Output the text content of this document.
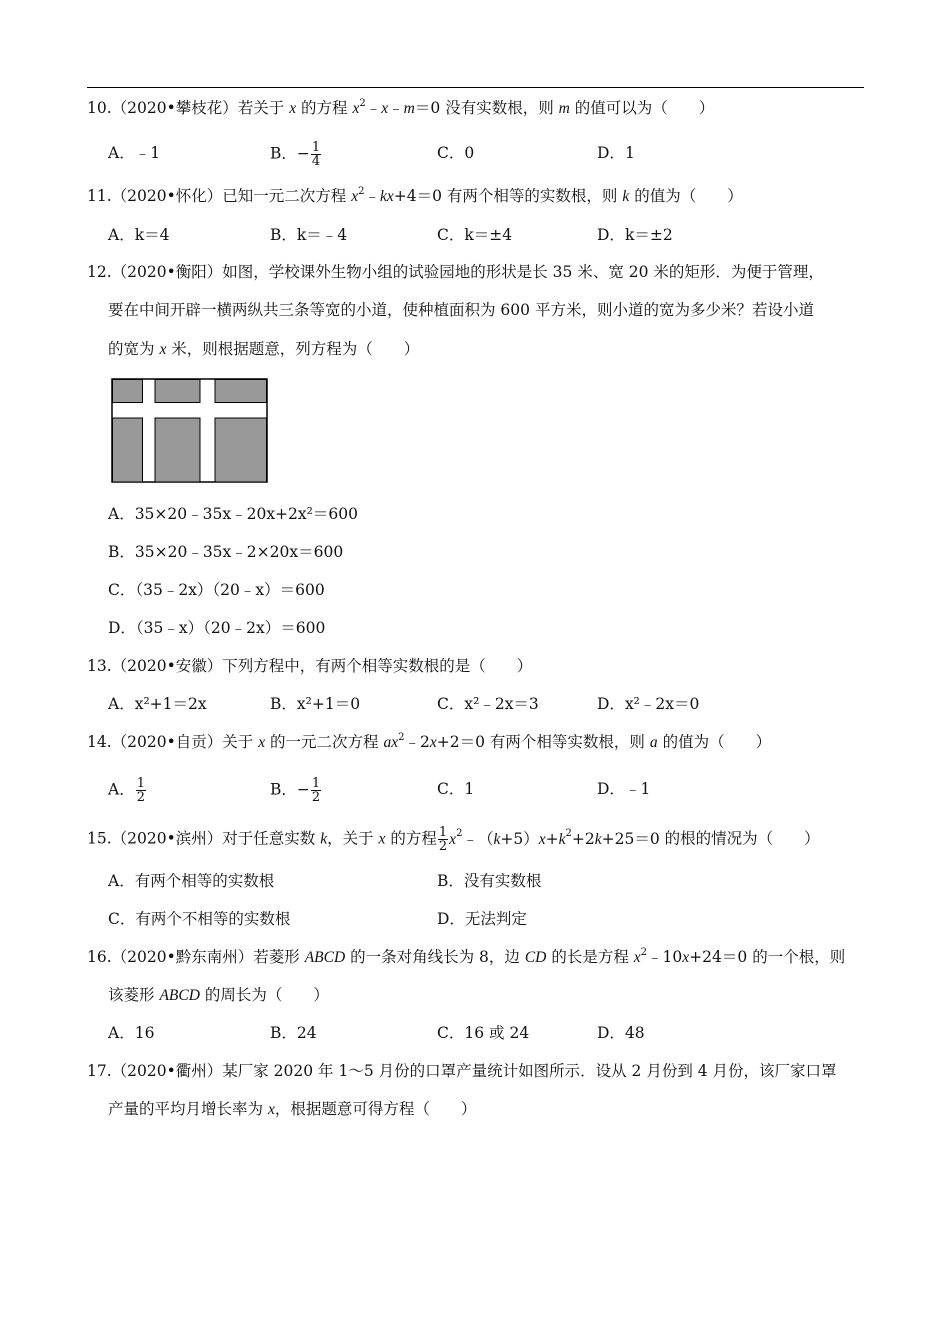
10.（2020•攀枝花）若关于 x 的方程 $x^2﹣x﹣m=0$ 没有实数根，则 m 的值可以为（　　）
A．﹣1	B．− $\frac{1}{4}$	C．0	D．1
11.（2020•怀化）已知一元二次方程 $x^2﹣kx+4=0$ 有两个相等的实数根，则 k 的值为（　　）
A．k＝4	B．k＝﹣4	C．k＝±4	D．k＝±2
12.（2020•衡阳）如图，学校课外生物小组的试验园地的形状是长 35 米、宽 20 米的矩形．为便于管理，
要在中间开辟一横两纵共三条等宽的小道，使种植面积为 600 平方米，则小道的宽为多少米？若设小道
的宽为 x 米，则根据题意，列方程为（　　）
A．35×20﹣35x﹣20x+2x²＝600
B．35×20﹣35x﹣2×20x＝600
C．（35﹣2x）（20﹣x）＝600
D．（35﹣x）（20﹣2x）＝600
13.（2020•安徽）下列方程中，有两个相等实数根的是（　　）
A．x²+1＝2x	B．x²+1＝0	C．x²﹣2x＝3	D．x²﹣2x＝0
14.（2020•自贡）关于 x 的一元二次方程 $ax^2﹣2x+2=0$ 有两个相等实数根，则 a 的值为（　　）
A． $\frac{1}{2}$	B．− $\frac{1}{2}$	C．1	D．﹣1
15.（2020•滨州）对于任意实数 k，关于 x 的方程 $\frac{1}{2}$ $x^2﹣(k+5)x+k^2+2k+25=0$ 的根的情况为（　　）
A．有两个相等的实数根	B．没有实数根
C．有两个不相等的实数根	D．无法判定
16.（2020•黔东南州）若菱形 ABCD 的一条对角线长为 8，边 CD 的长是方程 $x^2﹣10x+24=0$ 的一个根，则
该菱形 ABCD 的周长为（　　）
A．16	B．24	C．16 或 24	D．48
17.（2020•衢州）某厂家 2020 年 1～5 月份的口罩产量统计如图所示．设从 2 月份到 4 月份，该厂家口罩
产量的平均月增长率为 x，根据题意可得方程（　　）
